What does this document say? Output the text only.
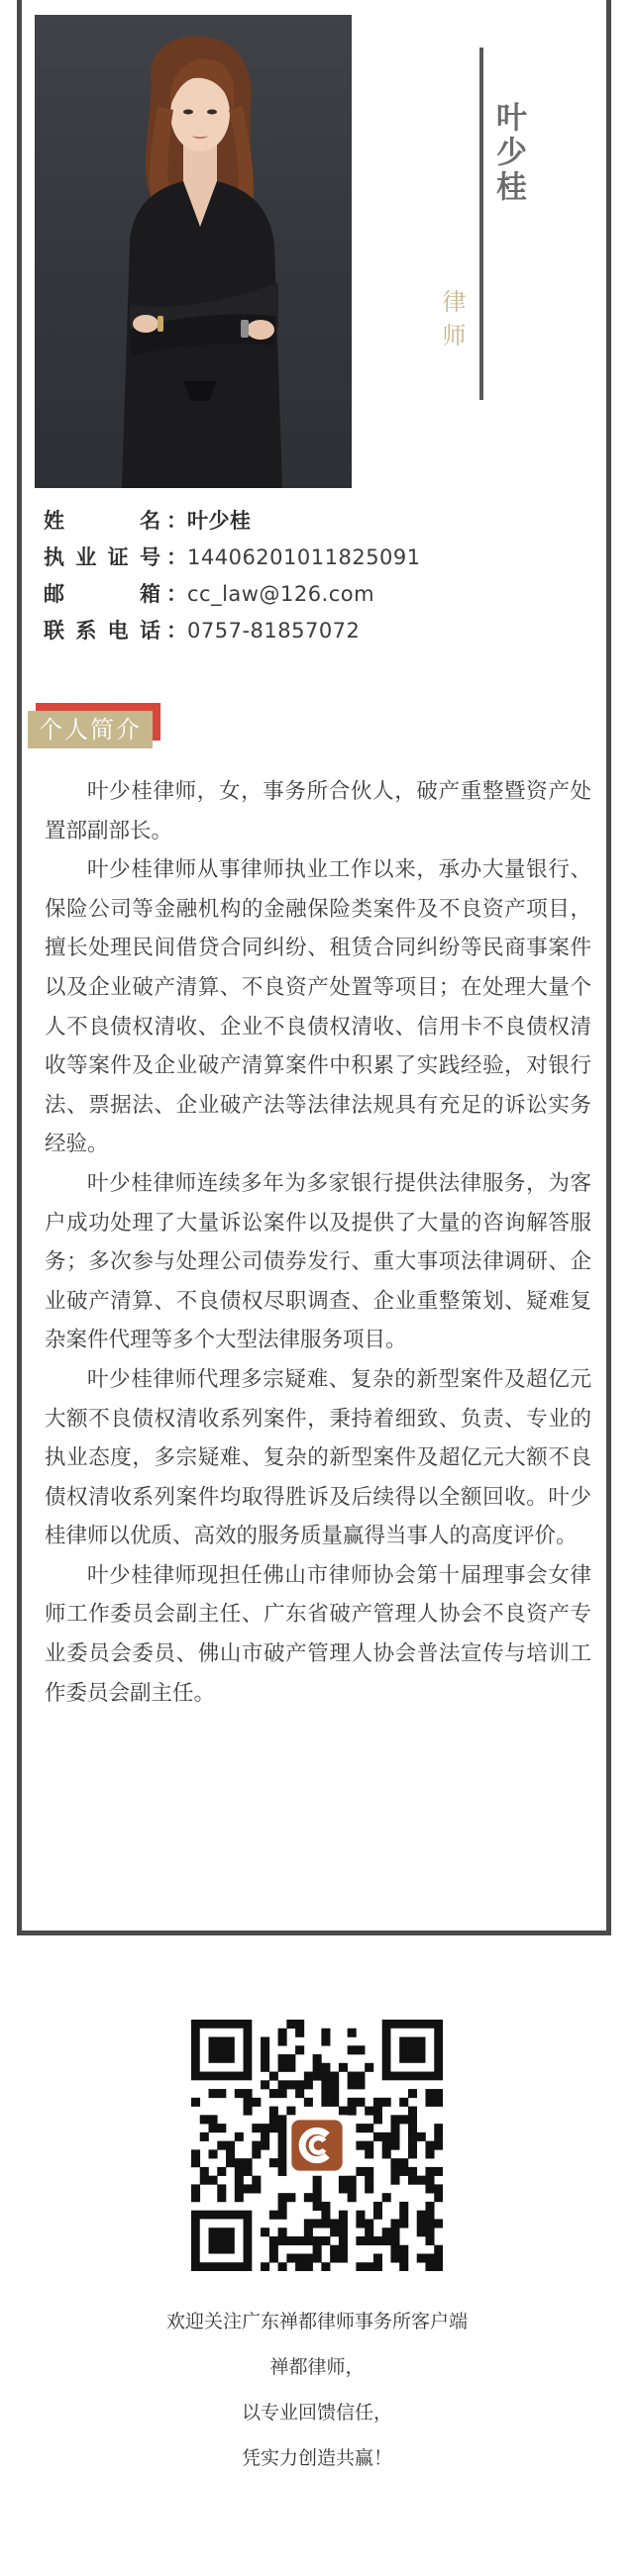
叶少桂
律师
姓名 ：叶少桂
执业证号 ：14406201011825091
邮箱 ：cc_law@126.com
联系电话 ：0757-81857072
个人简介

叶少桂律师，女，事务所合伙人，破产重整暨资产处置部副部长。

叶少桂律师从事律师执业工作以来，承办大量银行、保险公司等金融机构的金融保险类案件及不良资产项目，擅长处理民间借贷合同纠纷、租赁合同纠纷等民商事案件以及企业破产清算、不良资产处置等项目；在处理大量个人不良债权清收、企业不良债权清收、信用卡不良债权清收等案件及企业破产清算案件中积累了实践经验，对银行法、票据法、企业破产法等法律法规具有充足的诉讼实务经验。

叶少桂律师连续多年为多家银行提供法律服务，为客户成功处理了大量诉讼案件以及提供了大量的咨询解答服务；多次参与处理公司债券发行、重大事项法律调研、企业破产清算、不良债权尽职调查、企业重整策划、疑难复杂案件代理等多个大型法律服务项目。

叶少桂律师代理多宗疑难、复杂的新型案件及超亿元大额不良债权清收系列案件，秉持着细致、负责、专业的执业态度，多宗疑难、复杂的新型案件及超亿元大额不良债权清收系列案件均取得胜诉及后续得以全额回收。叶少桂律师以优质、高效的服务质量赢得当事人的高度评价。

叶少桂律师现担任佛山市律师协会第十届理事会女律师工作委员会副主任、广东省破产管理人协会不良资产专业委员会委员、佛山市破产管理人协会普法宣传与培训工作委员会副主任。

欢迎关注广东禅都律师事务所客户端
禅都律师，
以专业回馈信任，
凭实力创造共赢！
